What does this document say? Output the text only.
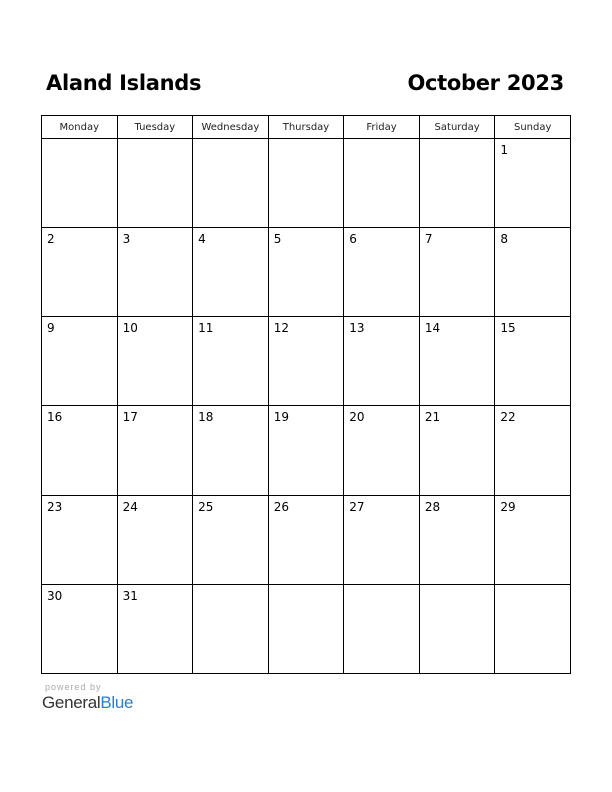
Aland Islands	October 2023
Monday	Tuesday	Wednesday	Thursday	Friday	Saturday	Sunday

						1

2	3	4	5	6	7	8

9	10	11	12	13	14	15

16	17	18	19	20	21	22

23	24	25	26	27	28	29

30	31					

powered by
GeneralBlue
